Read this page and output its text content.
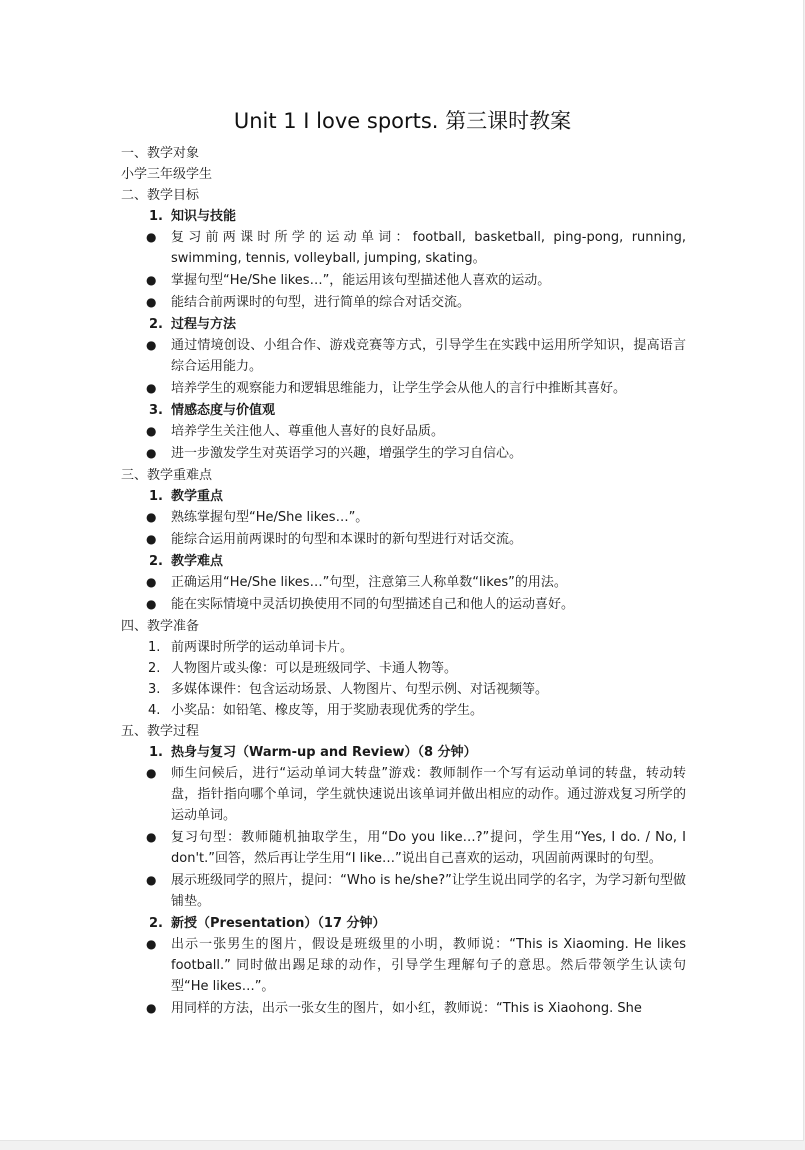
Unit 1 I love sports. 第三课时教案

一、教学对象

小学三年级学生

二、教学目标

1. 知识与技能

● 复习前两课时所学的运动单词：football, basketball, ping-pong, running, swimming, tennis, volleyball, jumping, skating。

● 掌握句型“He/She likes…”，能运用该句型描述他人喜欢的运动。

● 能结合前两课时的句型，进行简单的综合对话交流。

2. 过程与方法

● 通过情境创设、小组合作、游戏竞赛等方式，引导学生在实践中运用所学知识，提高语言综合运用能力。

● 培养学生的观察能力和逻辑思维能力，让学生学会从他人的言行中推断其喜好。

3. 情感态度与价值观

● 培养学生关注他人、尊重他人喜好的良好品质。

● 进一步激发学生对英语学习的兴趣，增强学生的学习自信心。

三、教学重难点

1. 教学重点

● 熟练掌握句型“He/She likes…”。

● 能综合运用前两课时的句型和本课时的新句型进行对话交流。

2. 教学难点

● 正确运用“He/She likes…”句型，注意第三人称单数“likes”的用法。

● 能在实际情境中灵活切换使用不同的句型描述自己和他人的运动喜好。

四、教学准备

1. 前两课时所学的运动单词卡片。

2. 人物图片或头像：可以是班级同学、卡通人物等。

3. 多媒体课件：包含运动场景、人物图片、句型示例、对话视频等。

4. 小奖品：如铅笔、橡皮等，用于奖励表现优秀的学生。

五、教学过程

1. 热身与复习（Warm-up and Review）（8 分钟）

● 师生问候后，进行“运动单词大转盘”游戏：教师制作一个写有运动单词的转盘，转动转盘，指针指向哪个单词，学生就快速说出该单词并做出相应的动作。通过游戏复习所学的运动单词。

● 复习句型：教师随机抽取学生，用“Do you like…?”提问，学生用“Yes, I do. / No, I don't.”回答，然后再让学生用“I like…”说出自己喜欢的运动，巩固前两课时的句型。

● 展示班级同学的照片，提问：“Who is he/she?”让学生说出同学的名字，为学习新句型做铺垫。

2. 新授（Presentation）（17 分钟）

● 出示一张男生的图片，假设是班级里的小明，教师说：“This is Xiaoming. He likes football.” 同时做出踢足球的动作，引导学生理解句子的意思。然后带领学生认读句型“He likes…”。

● 用同样的方法，出示一张女生的图片，如小红，教师说：“This is Xiaohong. She
